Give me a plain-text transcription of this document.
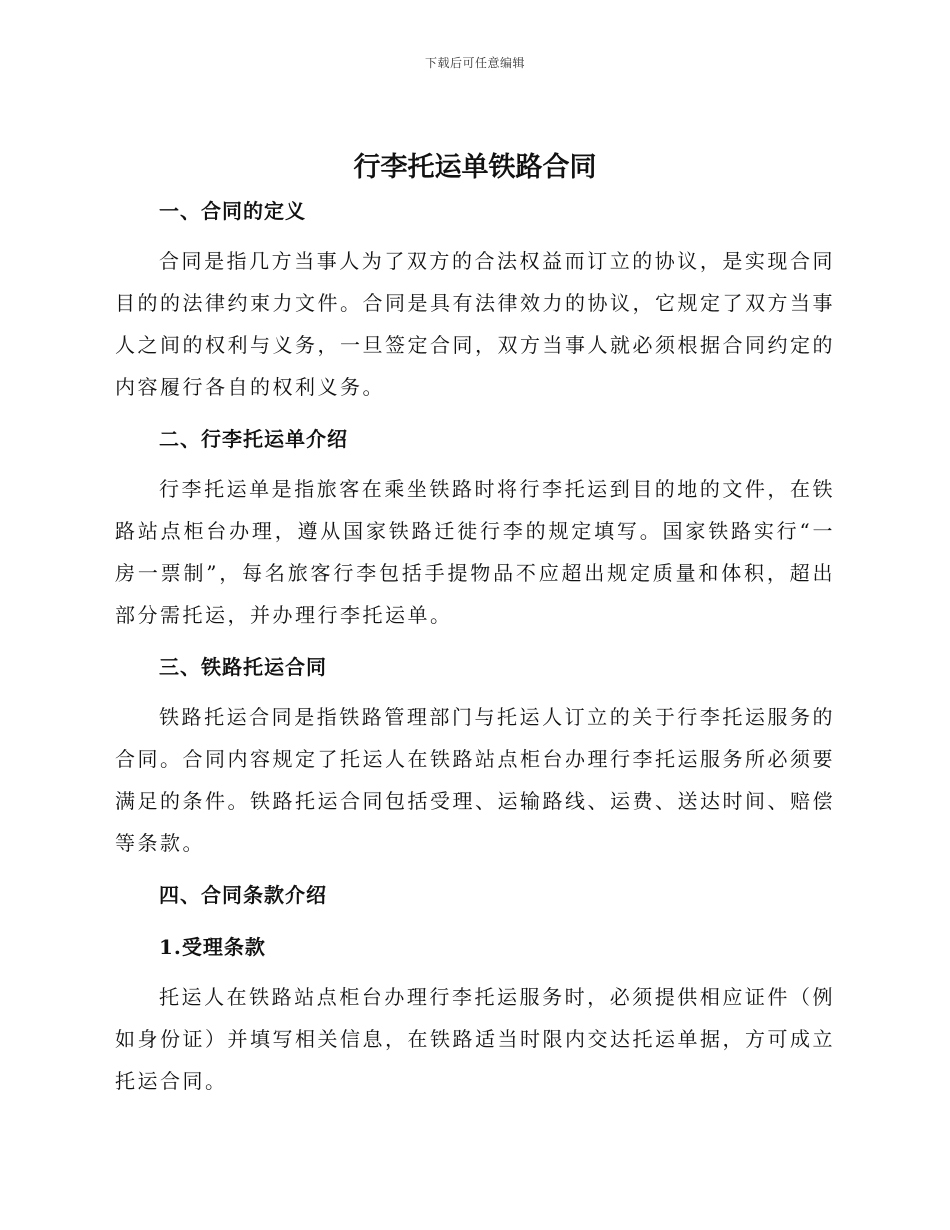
下载后可任意编辑
行李托运单铁路合同

一、合同的定义

合同是指几方当事人为了双方的合法权益而订立的协议，是实现合同目的的法律约束力文件。合同是具有法律效力的协议，它规定了双方当事人之间的权利与义务，一旦签定合同，双方当事人就必须根据合同约定的内容履行各自的权利义务。

二、行李托运单介绍

行李托运单是指旅客在乘坐铁路时将行李托运到目的地的文件，在铁路站点柜台办理，遵从国家铁路迁徙行李的规定填写。国家铁路实行“一房一票制”，每名旅客行李包括手提物品不应超出规定质量和体积，超出部分需托运，并办理行李托运单。

三、铁路托运合同

铁路托运合同是指铁路管理部门与托运人订立的关于行李托运服务的合同。合同内容规定了托运人在铁路站点柜台办理行李托运服务所必须要满足的条件。铁路托运合同包括受理、运输路线、运费、送达时间、赔偿等条款。

四、合同条款介绍

1.受理条款

托运人在铁路站点柜台办理行李托运服务时，必须提供相应证件（例如身份证）并填写相关信息，在铁路适当时限内交达托运单据，方可成立托运合同。
